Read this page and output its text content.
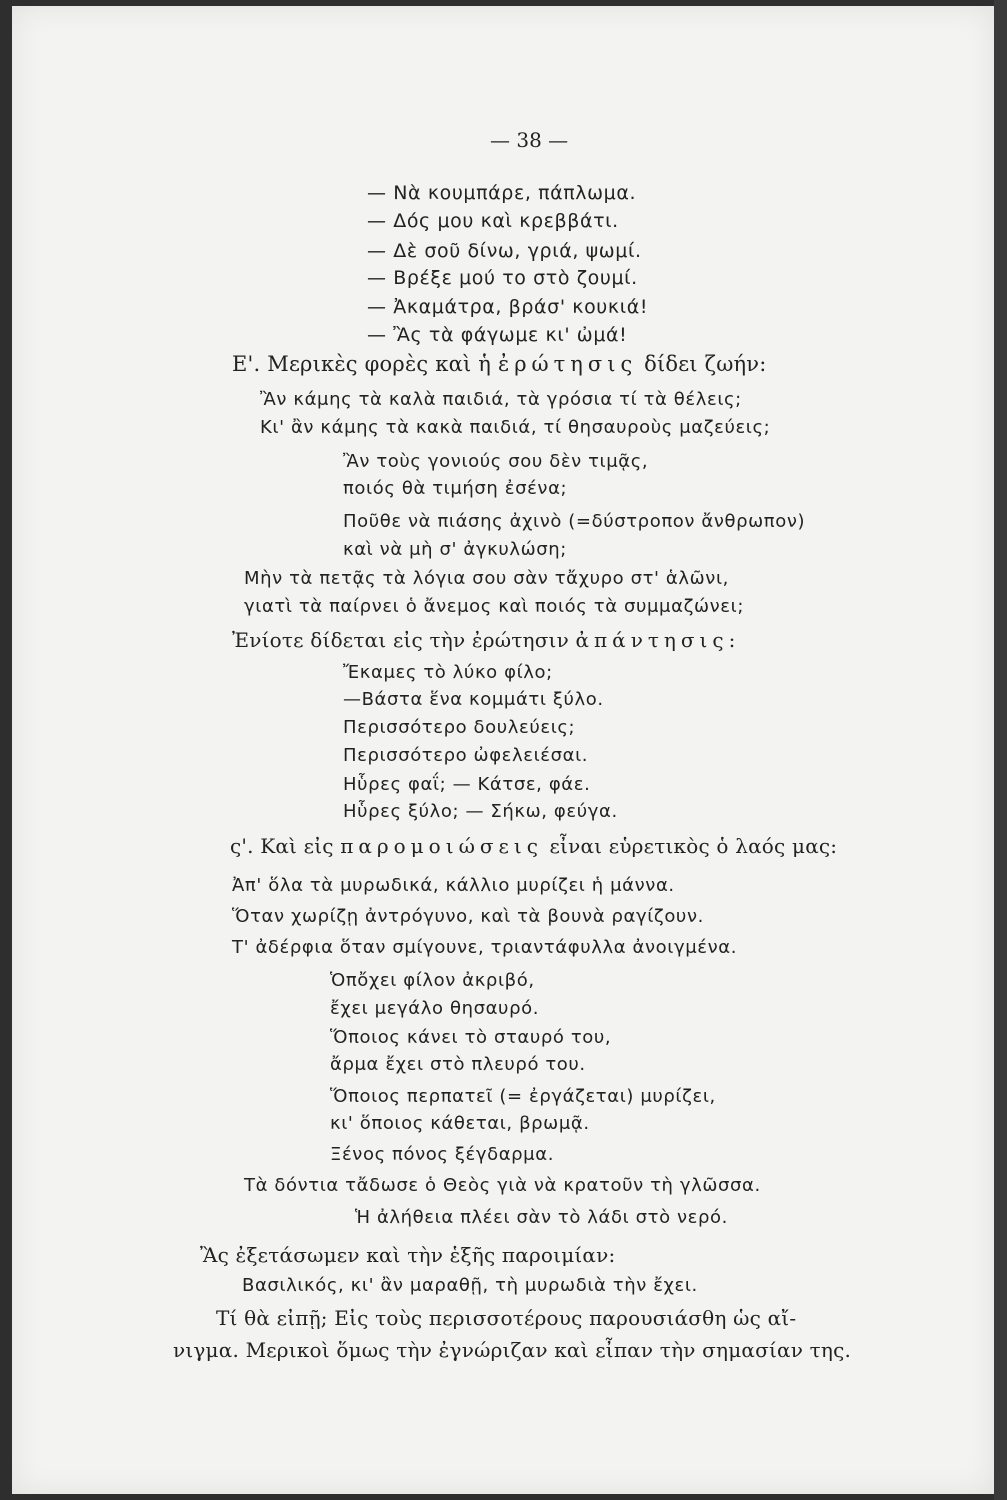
— 38 —
— Νὰ κουμπάρε, πάπλωμα.
— Δός μου καὶ κρεββάτι.
— Δὲ σοῦ δίνω, γριά, ψωμί.
— Βρέξε μού το στὸ ζουμί.
— Ἀκαμάτρα, βράσ' κουκιά!
— Ἂς τὰ φάγωμε κι' ὠμά!
Ε'. Μερικὲς φορὲς καὶ ἡ ἐρώτησις δίδει ζωήν:
Ἂν κάμης τὰ καλὰ παιδιά, τὰ γρόσια τί τὰ θέλεις;
Κι' ἂν κάμης τὰ κακὰ παιδιά, τί θησαυροὺς μαζεύεις;
Ἂν τοὺς γονιούς σου δὲν τιμᾷς,
ποιός θὰ τιμήση ἐσένα;
Ποῦθε νὰ πιάσης ἀχινὸ (=δύστροπον ἄνθρωπον)
καὶ νὰ μὴ σ' ἀγκυλώση;
Μὴν τὰ πετᾷς τὰ λόγια σου σὰν τἄχυρο στ' ἁλῶνι,
γιατὶ τὰ παίρνει ὁ ἄνεμος καὶ ποιός τὰ συμμαζώνει;
Ἐνίοτε δίδεται εἰς τὴν ἐρώτησιν ἀπάντησις:
Ἔκαμες τὸ λύκο φίλο;
—Βάστα ἕνα κομμάτι ξύλο.
Περισσότερο δουλεύεις;
Περισσότερο ὠφελειέσαι.
Ηὗρες φαΐ; — Κάτσε, φάε.
Ηὗρες ξύλο; — Σήκω, φεύγα.
ς'. Καὶ εἰς παρομοιώσεις εἶναι εὑρετικὸς ὁ λαός μας:
Ἀπ' ὅλα τὰ μυρωδικά, κάλλιο μυρίζει ἡ μάννα.
Ὅταν χωρίζῃ ἀντρόγυνο, καὶ τὰ βουνὰ ραγίζουν.
Τ' ἀδέρφια ὅταν σμίγουνε, τριαντάφυλλα ἀνοιγμένα.
Ὁπὄχει φίλον ἀκριβό,
ἔχει μεγάλο θησαυρό.
Ὅποιος κάνει τὸ σταυρό του,
ἄρμα ἔχει στὸ πλευρό του.
Ὅποιος περπατεῖ (= ἐργάζεται) μυρίζει,
κι' ὅποιος κάθεται, βρωμᾷ.
Ξένος πόνος ξέγδαρμα.
Τὰ δόντια τἄδωσε ὁ Θεὸς γιὰ νὰ κρατοῦν τὴ γλῶσσα.
Ἡ ἀλήθεια πλέει σὰν τὸ λάδι στὸ νερό.
Ἂς ἐξετάσωμεν καὶ τὴν ἑξῆς παροιμίαν:
Βασιλικός, κι' ἂν μαραθῇ, τὴ μυρωδιὰ τὴν ἔχει.
Τί θὰ εἰπῇ; Εἰς τοὺς περισσοτέρους παρουσιάσθη ὡς αἴ-
νιγμα. Μερικοὶ ὅμως τὴν ἐγνώριζαν καὶ εἶπαν τὴν σημασίαν της.
